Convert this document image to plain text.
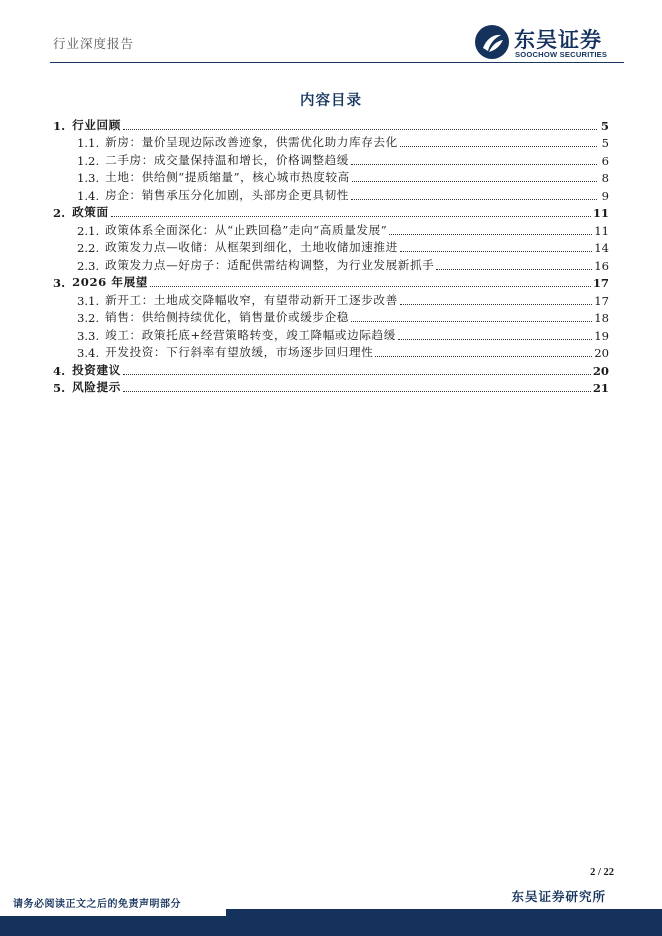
行业深度报告	东吴证券
SOOCHOW SECURITIES
内容目录
1. 行业回顾	5
1.1. 新房：量价呈现边际改善迹象，供需优化助力库存去化	5
1.2. 二手房：成交量保持温和增长，价格调整趋缓	6
1.3. 土地：供给侧“提质缩量”，核心城市热度较高	8
1.4. 房企：销售承压分化加剧，头部房企更具韧性	9
2. 政策面	11
2.1. 政策体系全面深化：从“止跌回稳”走向“高质量发展”	11
2.2. 政策发力点—收储：从框架到细化，土地收储加速推进	14
2.3. 政策发力点—好房子：适配供需结构调整，为行业发展新抓手	16
3. 2026 年展望	17
3.1. 新开工：土地成交降幅收窄，有望带动新开工逐步改善	17
3.2. 销售：供给侧持续优化，销售量价或缓步企稳	18
3.3. 竣工：政策托底+经营策略转变，竣工降幅或边际趋缓	19
3.4. 开发投资：下行斜率有望放缓，市场逐步回归理性	20
4. 投资建议	20
5. 风险提示	21
2 / 22
东吴证券研究所
请务必阅读正文之后的免责声明部分
